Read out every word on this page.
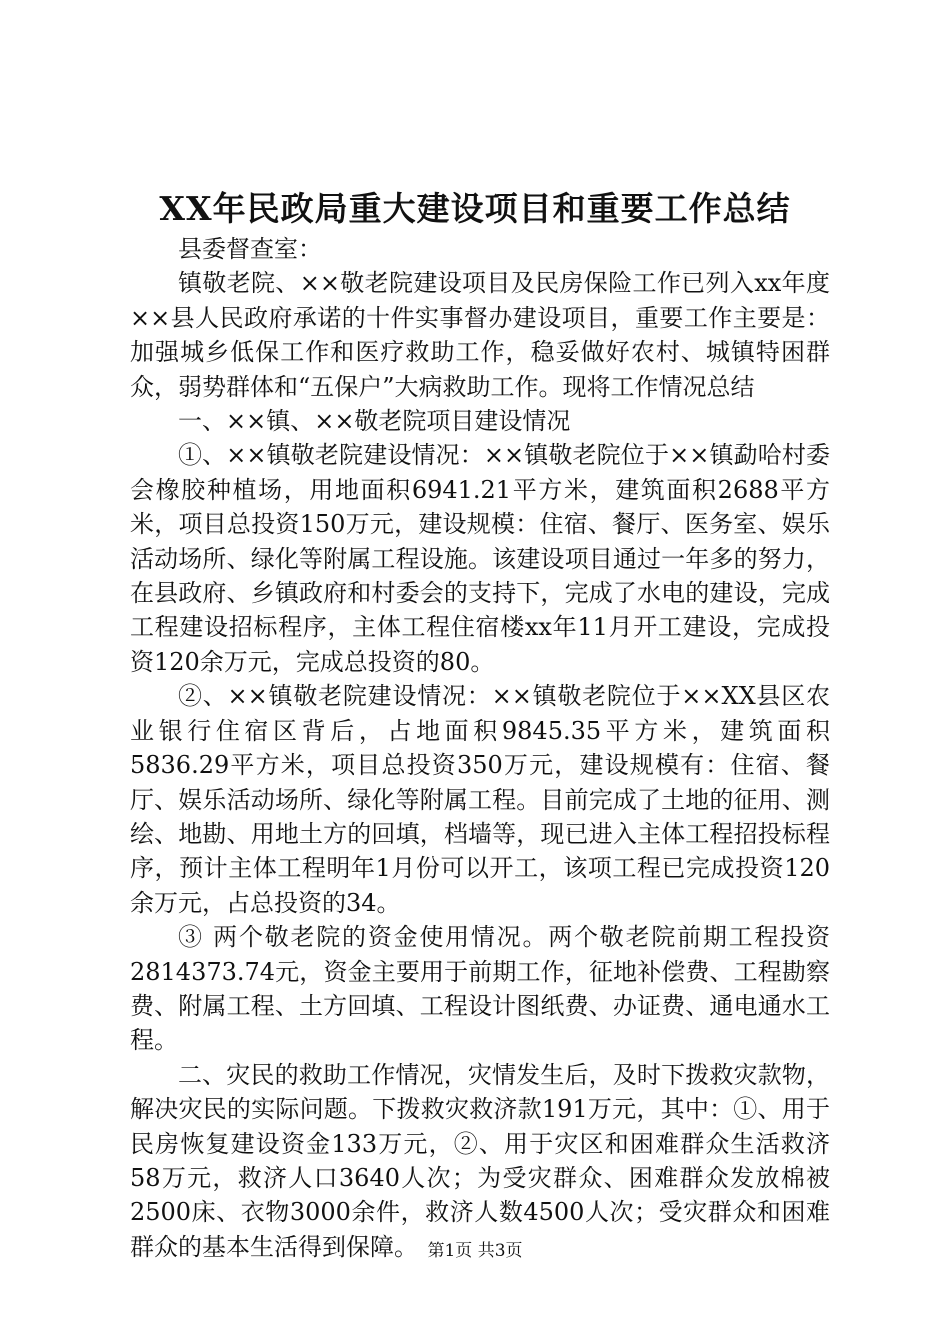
XX年民政局重大建设项目和重要工作总结

县委督查室：

镇敬老院、××敬老院建设项目及民房保险工作已列入xx年度××县人民政府承诺的十件实事督办建设项目，重要工作主要是：加强城乡低保工作和医疗救助工作，稳妥做好农村、城镇特困群众，弱势群体和“五保户”大病救助工作。现将工作情况总结

一、××镇、××敬老院项目建设情况

①、××镇敬老院建设情况：××镇敬老院位于××镇勐哈村委会橡胶种植场，用地面积6941.21平方米，建筑面积2688平方米，项目总投资150万元，建设规模：住宿、餐厅、医务室、娱乐活动场所、绿化等附属工程设施。该建设项目通过一年多的努力，在县政府、乡镇政府和村委会的支持下，完成了水电的建设，完成工程建设招标程序，主体工程住宿楼xx年11月开工建设，完成投资120余万元，完成总投资的80。

②、××镇敬老院建设情况：××镇敬老院位于××XX县区农业银行住宿区背后，占地面积9845.35平方米，建筑面积5836.29平方米，项目总投资350万元，建设规模有：住宿、餐厅、娱乐活动场所、绿化等附属工程。目前完成了土地的征用、测绘、地勘、用地土方的回填，档墙等，现已进入主体工程招投标程序，预计主体工程明年1月份可以开工，该项工程已完成投资120余万元，占总投资的34。

③ 两个敬老院的资金使用情况。两个敬老院前期工程投资2814373.74元，资金主要用于前期工作，征地补偿费、工程勘察费、附属工程、土方回填、工程设计图纸费、办证费、通电通水工程。

二、灾民的救助工作情况，灾情发生后，及时下拨救灾款物，解决灾民的实际问题。下拨救灾救济款191万元，其中：①、用于民房恢复建设资金133万元，②、用于灾区和困难群众生活救济58万元，救济人口3640人次；为受灾群众、困难群众发放棉被2500床、衣物3000余件，救济人数4500人次；受灾群众和困难群众的基本生活得到保障。 第1页 共3页
